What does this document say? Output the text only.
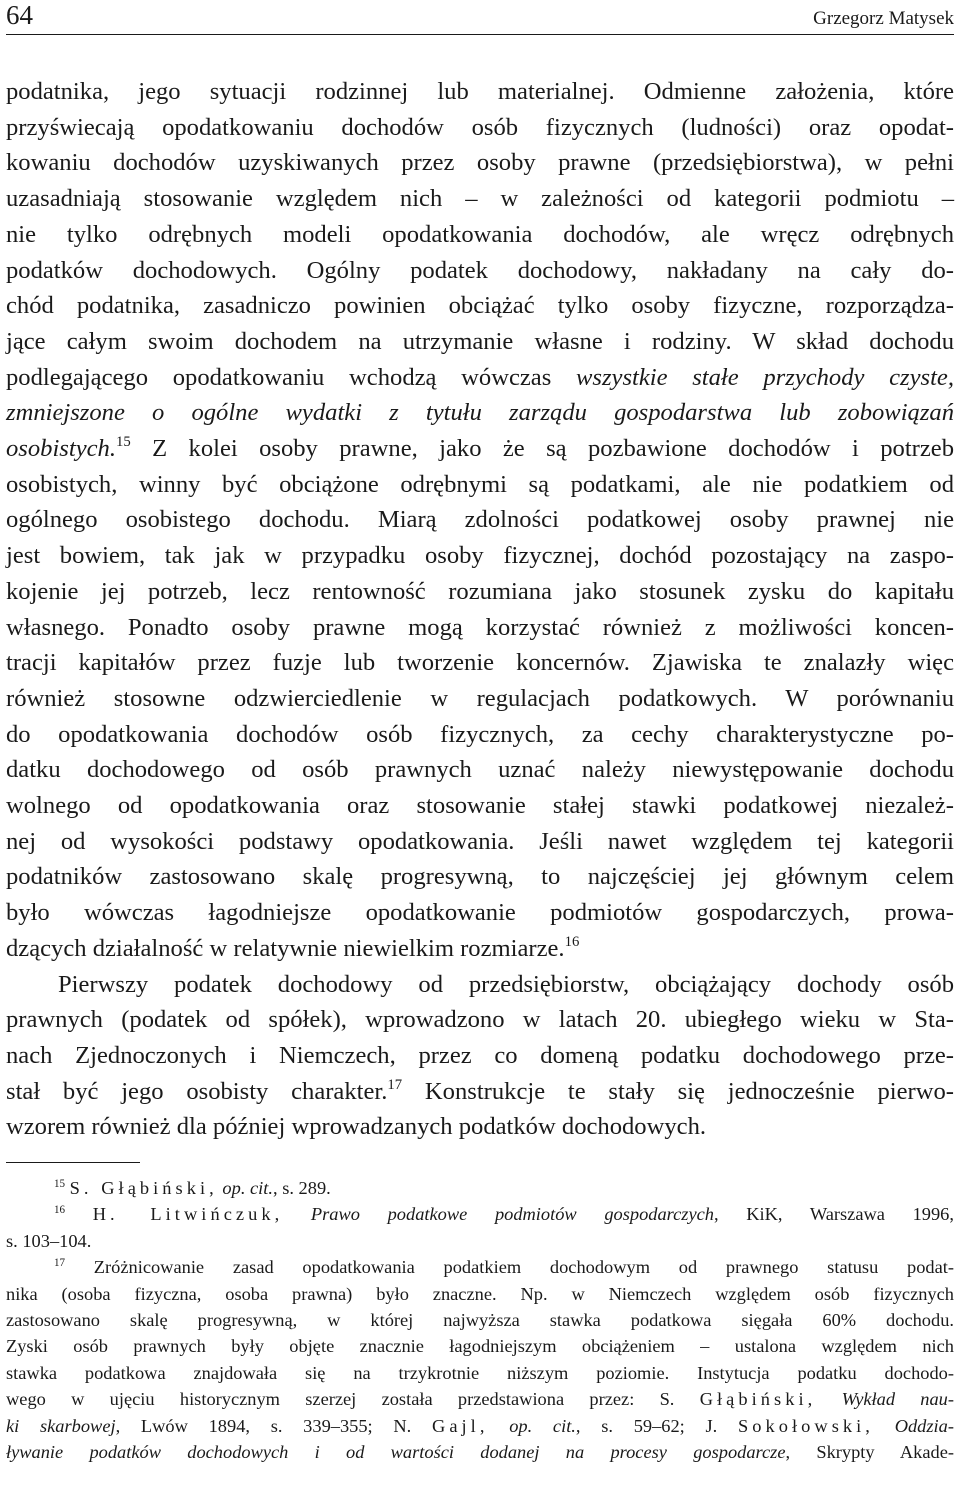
64	Grzegorz Matysek

podatnika, jego sytuacji rodzinnej lub materialnej. Odmienne założenia, które
przyświecają opodatkowaniu dochodów osób fizycznych (ludności) oraz opodat-
kowaniu dochodów uzyskiwanych przez osoby prawne (przedsiębiorstwa), w pełni
uzasadniają stosowanie względem nich – w zależności od kategorii podmiotu –
nie tylko odrębnych modeli opodatkowania dochodów, ale wręcz odrębnych
podatków dochodowych. Ogólny podatek dochodowy, nakładany na cały do-
chód podatnika, zasadniczo powinien obciążać tylko osoby fizyczne, rozporządza-
jące całym swoim dochodem na utrzymanie własne i rodziny. W skład dochodu
podlegającego opodatkowaniu wchodzą wówczas wszystkie stałe przychody czyste,
zmniejszone o ogólne wydatki z tytułu zarządu gospodarstwa lub zobowiązań
osobistych.$^{15}$ Z kolei osoby prawne, jako że są pozbawione dochodów i potrzeb
osobistych, winny być obciążone odrębnymi są podatkami, ale nie podatkiem od
ogólnego osobistego dochodu. Miarą zdolności podatkowej osoby prawnej nie
jest bowiem, tak jak w przypadku osoby fizycznej, dochód pozostający na zaspo-
kojenie jej potrzeb, lecz rentowność rozumiana jako stosunek zysku do kapitału
własnego. Ponadto osoby prawne mogą korzystać również z możliwości koncen-
tracji kapitałów przez fuzje lub tworzenie koncernów. Zjawiska te znalazły więc
również stosowne odzwierciedlenie w regulacjach podatkowych. W porównaniu
do opodatkowania dochodów osób fizycznych, za cechy charakterystyczne po-
datku dochodowego od osób prawnych uznać należy niewystępowanie dochodu
wolnego od opodatkowania oraz stosowanie stałej stawki podatkowej niezależ-
nej od wysokości podstawy opodatkowania. Jeśli nawet względem tej kategorii
podatników zastosowano skalę progresywną, to najczęściej jej głównym celem
było wówczas łagodniejsze opodatkowanie podmiotów gospodarczych, prowa-
dzących działalność w relatywnie niewielkim rozmiarze.$^{16}$

Pierwszy podatek dochodowy od przedsiębiorstw, obciążający dochody osób
prawnych (podatek od spółek), wprowadzono w latach 20. ubiegłego wieku w Sta-
nach Zjednoczonych i Niemczech, przez co domeną podatku dochodowego prze-
stał być jego osobisty charakter.$^{17}$ Konstrukcje te stały się jednocześnie pierwo-
wzorem również dla później wprowadzanych podatków dochodowych.

$^{15}$ S. Głąbiński, op. cit., s. 289.
$^{16}$ H. Litwińczuk, Prawo podatkowe podmiotów gospodarczych, KiK, Warszawa 1996,
s. 103–104.
$^{17}$ Zróżnicowanie zasad opodatkowania podatkiem dochodowym od prawnego statusu podat-
nika (osoba fizyczna, osoba prawna) było znaczne. Np. w Niemczech względem osób fizycznych
zastosowano skalę progresywną, w której najwyższa stawka podatkowa sięgała 60% dochodu.
Zyski osób prawnych były objęte znacznie łagodniejszym obciążeniem – ustalona względem nich
stawka podatkowa znajdowała się na trzykrotnie niższym poziomie. Instytucja podatku dochodo-
wego w ujęciu historycznym szerzej została przedstawiona przez: S. Głąbiński, Wykład nau-
ki skarbowej, Lwów 1894, s. 339–355; N. Gajl, op. cit., s. 59–62; J. Sokołowski, Oddzia-
ływanie podatków dochodowych i od wartości dodanej na procesy gospodarcze, Skrypty Akade-
